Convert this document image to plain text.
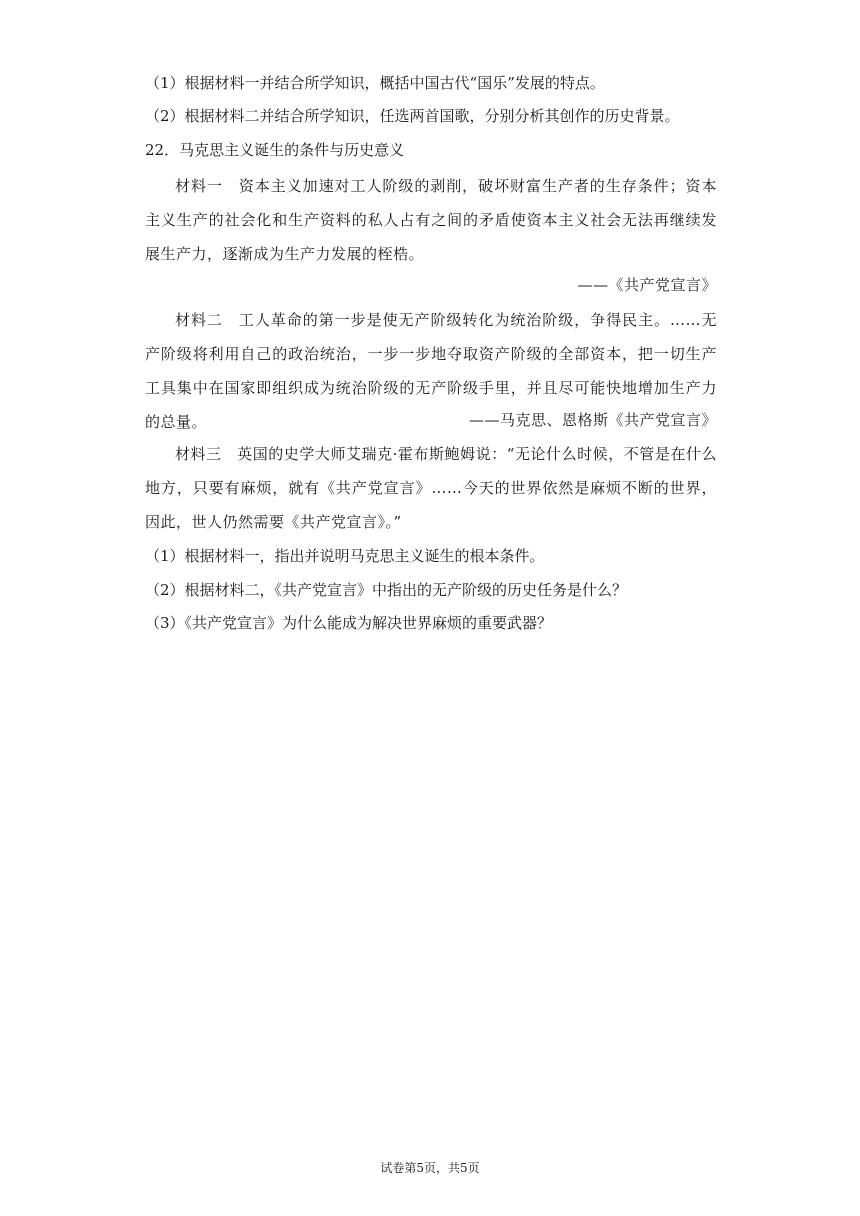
（1）根据材料一并结合所学知识，概括中国古代“国乐”发展的特点。
（2）根据材料二并结合所学知识，任选两首国歌，分别分析其创作的历史背景。
22．马克思主义诞生的条件与历史意义
材料一　资本主义加速对工人阶级的剥削，破坏财富生产者的生存条件；资本主义生产的社会化和生产资料的私人占有之间的矛盾使资本主义社会无法再继续发展生产力，逐渐成为生产力发展的桎梏。
——《共产党宣言》
材料二　工人革命的第一步是使无产阶级转化为统治阶级，争得民主。……无产阶级将利用自己的政治统治，一步一步地夺取资产阶级的全部资本，把一切生产工具集中在国家即组织成为统治阶级的无产阶级手里，并且尽可能快地增加生产力的总量。	——马克思、恩格斯《共产党宣言》
材料三　英国的史学大师艾瑞克·霍布斯鲍姆说：“无论什么时候，不管是在什么地方，只要有麻烦，就有《共产党宣言》……今天的世界依然是麻烦不断的世界，因此，世人仍然需要《共产党宣言》。”
（1）根据材料一，指出并说明马克思主义诞生的根本条件。
（2）根据材料二，《共产党宣言》中指出的无产阶级的历史任务是什么？
（3）《共产党宣言》为什么能成为解决世界麻烦的重要武器？
试卷第5页，共5页
